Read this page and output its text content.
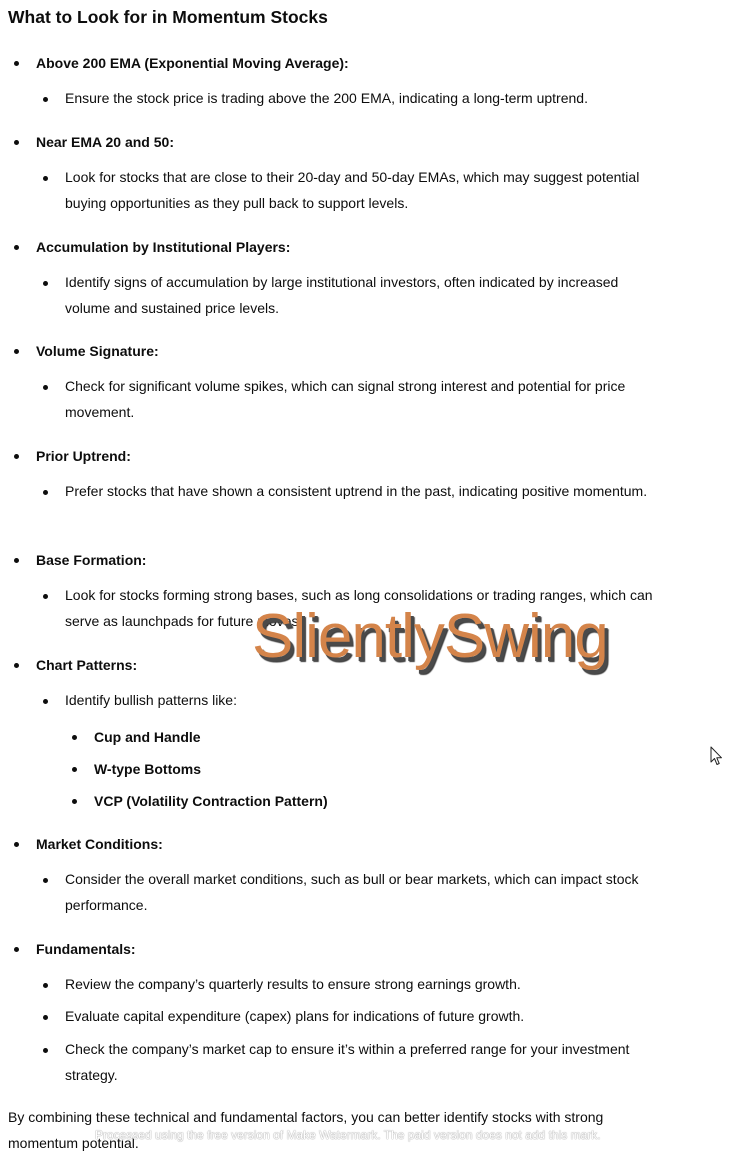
What to Look for in Momentum Stocks
Above 200 EMA (Exponential Moving Average):
Ensure the stock price is trading above the 200 EMA, indicating a long-term uptrend.
Near EMA 20 and 50:
Look for stocks that are close to their 20-day and 50-day EMAs, which may suggest potential buying opportunities as they pull back to support levels.
Accumulation by Institutional Players:
Identify signs of accumulation by large institutional investors, often indicated by increased volume and sustained price levels.
Volume Signature:
Check for significant volume spikes, which can signal strong interest and potential for price movement.
Prior Uptrend:
Prefer stocks that have shown a consistent uptrend in the past, indicating positive momentum.
Base Formation:
Look for stocks forming strong bases, such as long consolidations or trading ranges, which can serve as launchpads for future moves.
Chart Patterns:
Identify bullish patterns like:
Cup and Handle
W-type Bottoms
VCP (Volatility Contraction Pattern)
Market Conditions:
Consider the overall market conditions, such as bull or bear markets, which can impact stock performance.
Fundamentals:
Review the company’s quarterly results to ensure strong earnings growth.
Evaluate capital expenditure (capex) plans for indications of future growth.
Check the company’s market cap to ensure it’s within a preferred range for your investment strategy.

By combining these technical and fundamental factors, you can better identify stocks with strong momentum potential.

SlientlySwing
Processed using the free version of Make Watermark. The paid version does not add this mark.
